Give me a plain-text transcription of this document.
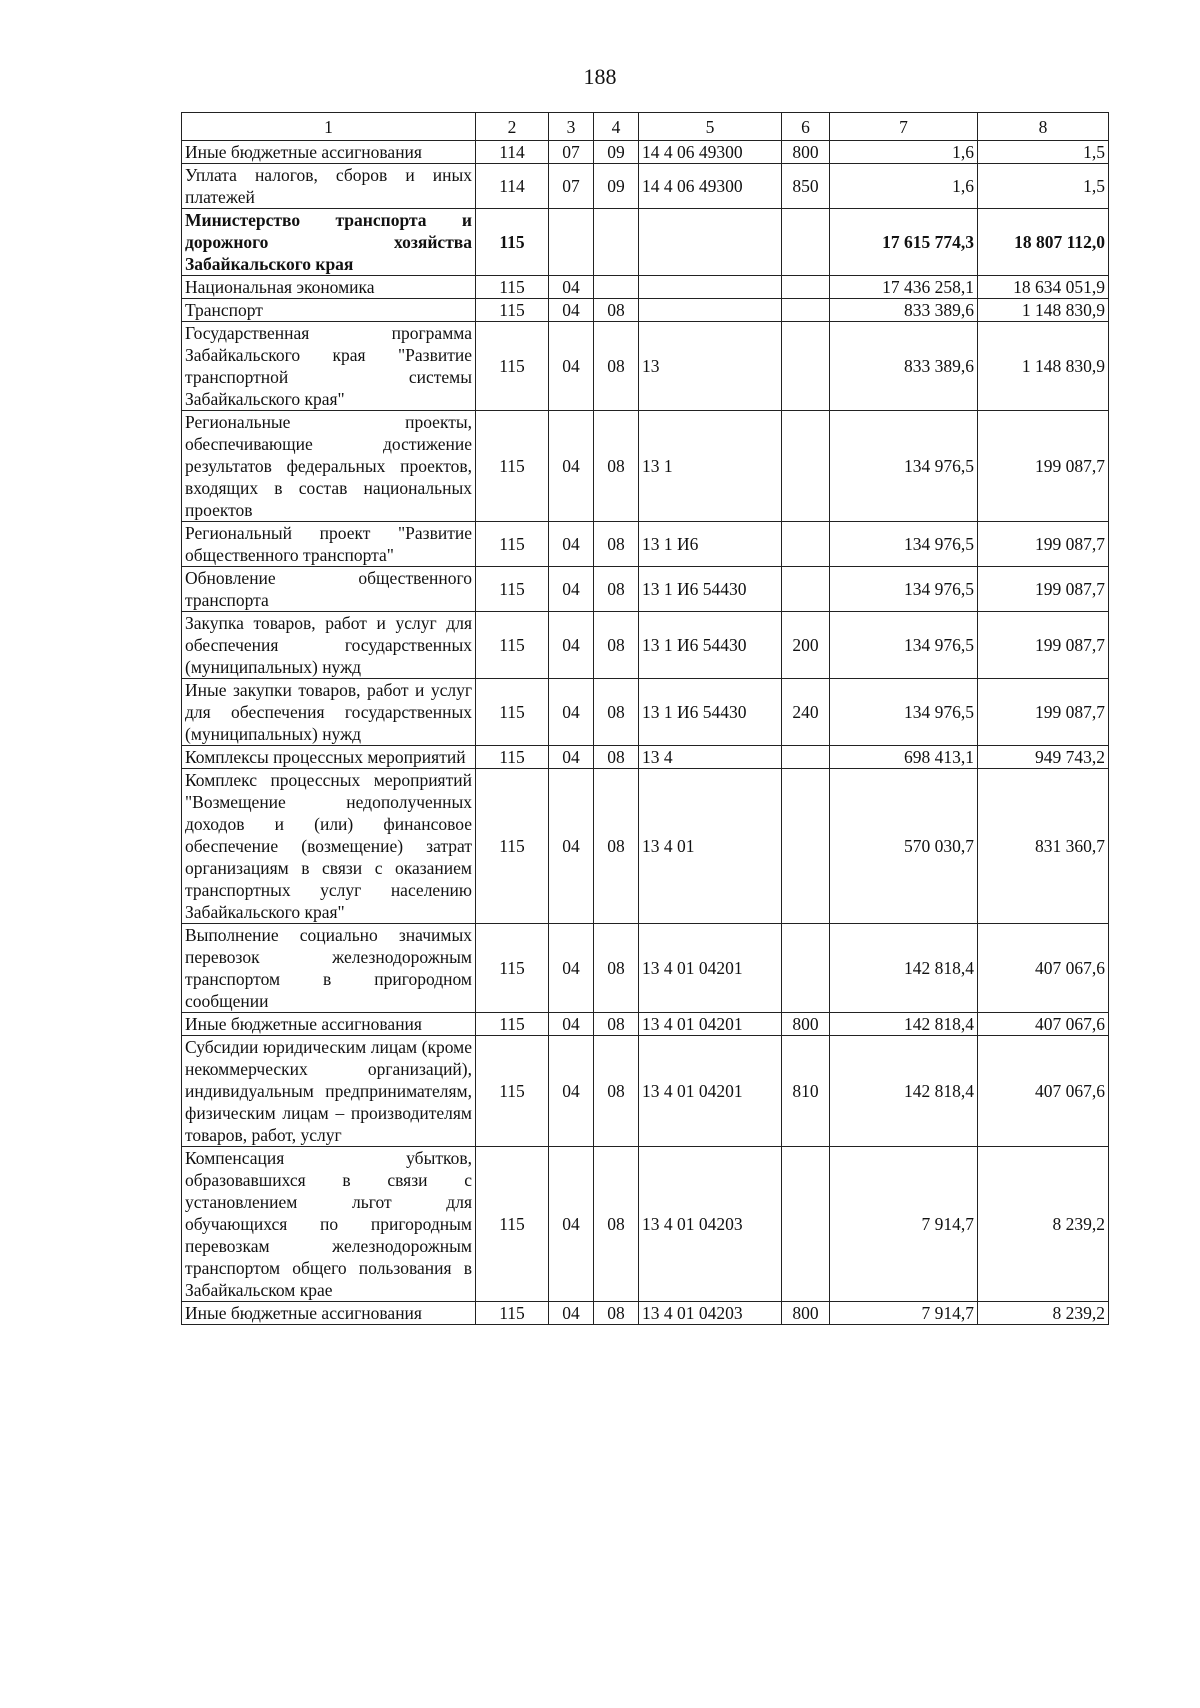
188
1	2	3	4	5	6	7	8
Иные бюджетные ассигнования	114	07	09	14 4 06 49300	800	1,6	1,5
Уплата налогов, сборов и иных платежей	114	07	09	14 4 06 49300	850	1,6	1,5
Министерство транспорта и дорожного хозяйства Забайкальского края	115					17 615 774,3	18 807 112,0
Национальная экономика	115	04				17 436 258,1	18 634 051,9
Транспорт	115	04	08			833 389,6	1 148 830,9
Государственная программа Забайкальского края "Развитие транспортной системы Забайкальского края"	115	04	08	13		833 389,6	1 148 830,9
Региональные проекты, обеспечивающие достижение результатов федеральных проектов, входящих в состав национальных проектов	115	04	08	13 1		134 976,5	199 087,7
Региональный проект "Развитие общественного транспорта"	115	04	08	13 1 И6		134 976,5	199 087,7
Обновление общественного транспорта	115	04	08	13 1 И6 54430		134 976,5	199 087,7
Закупка товаров, работ и услуг для обеспечения государственных (муниципальных) нужд	115	04	08	13 1 И6 54430	200	134 976,5	199 087,7
Иные закупки товаров, работ и услуг для обеспечения государственных (муниципальных) нужд	115	04	08	13 1 И6 54430	240	134 976,5	199 087,7
Комплексы процессных мероприятий	115	04	08	13 4		698 413,1	949 743,2
Комплекс процессных мероприятий "Возмещение недополученных доходов и (или) финансовое обеспечение (возмещение) затрат организациям в связи с оказанием транспортных услуг населению Забайкальского края"	115	04	08	13 4 01		570 030,7	831 360,7
Выполнение социально значимых перевозок железнодорожным транспортом в пригородном сообщении	115	04	08	13 4 01 04201		142 818,4	407 067,6
Иные бюджетные ассигнования	115	04	08	13 4 01 04201	800	142 818,4	407 067,6
Субсидии юридическим лицам (кроме некоммерческих организаций), индивидуальным предпринимателям, физическим лицам – производителям товаров, работ, услуг	115	04	08	13 4 01 04201	810	142 818,4	407 067,6
Компенсация убытков, образовавшихся в связи с установлением льгот для обучающихся по пригородным перевозкам железнодорожным транспортом общего пользования в Забайкальском крае	115	04	08	13 4 01 04203		7 914,7	8 239,2
Иные бюджетные ассигнования	115	04	08	13 4 01 04203	800	7 914,7	8 239,2
